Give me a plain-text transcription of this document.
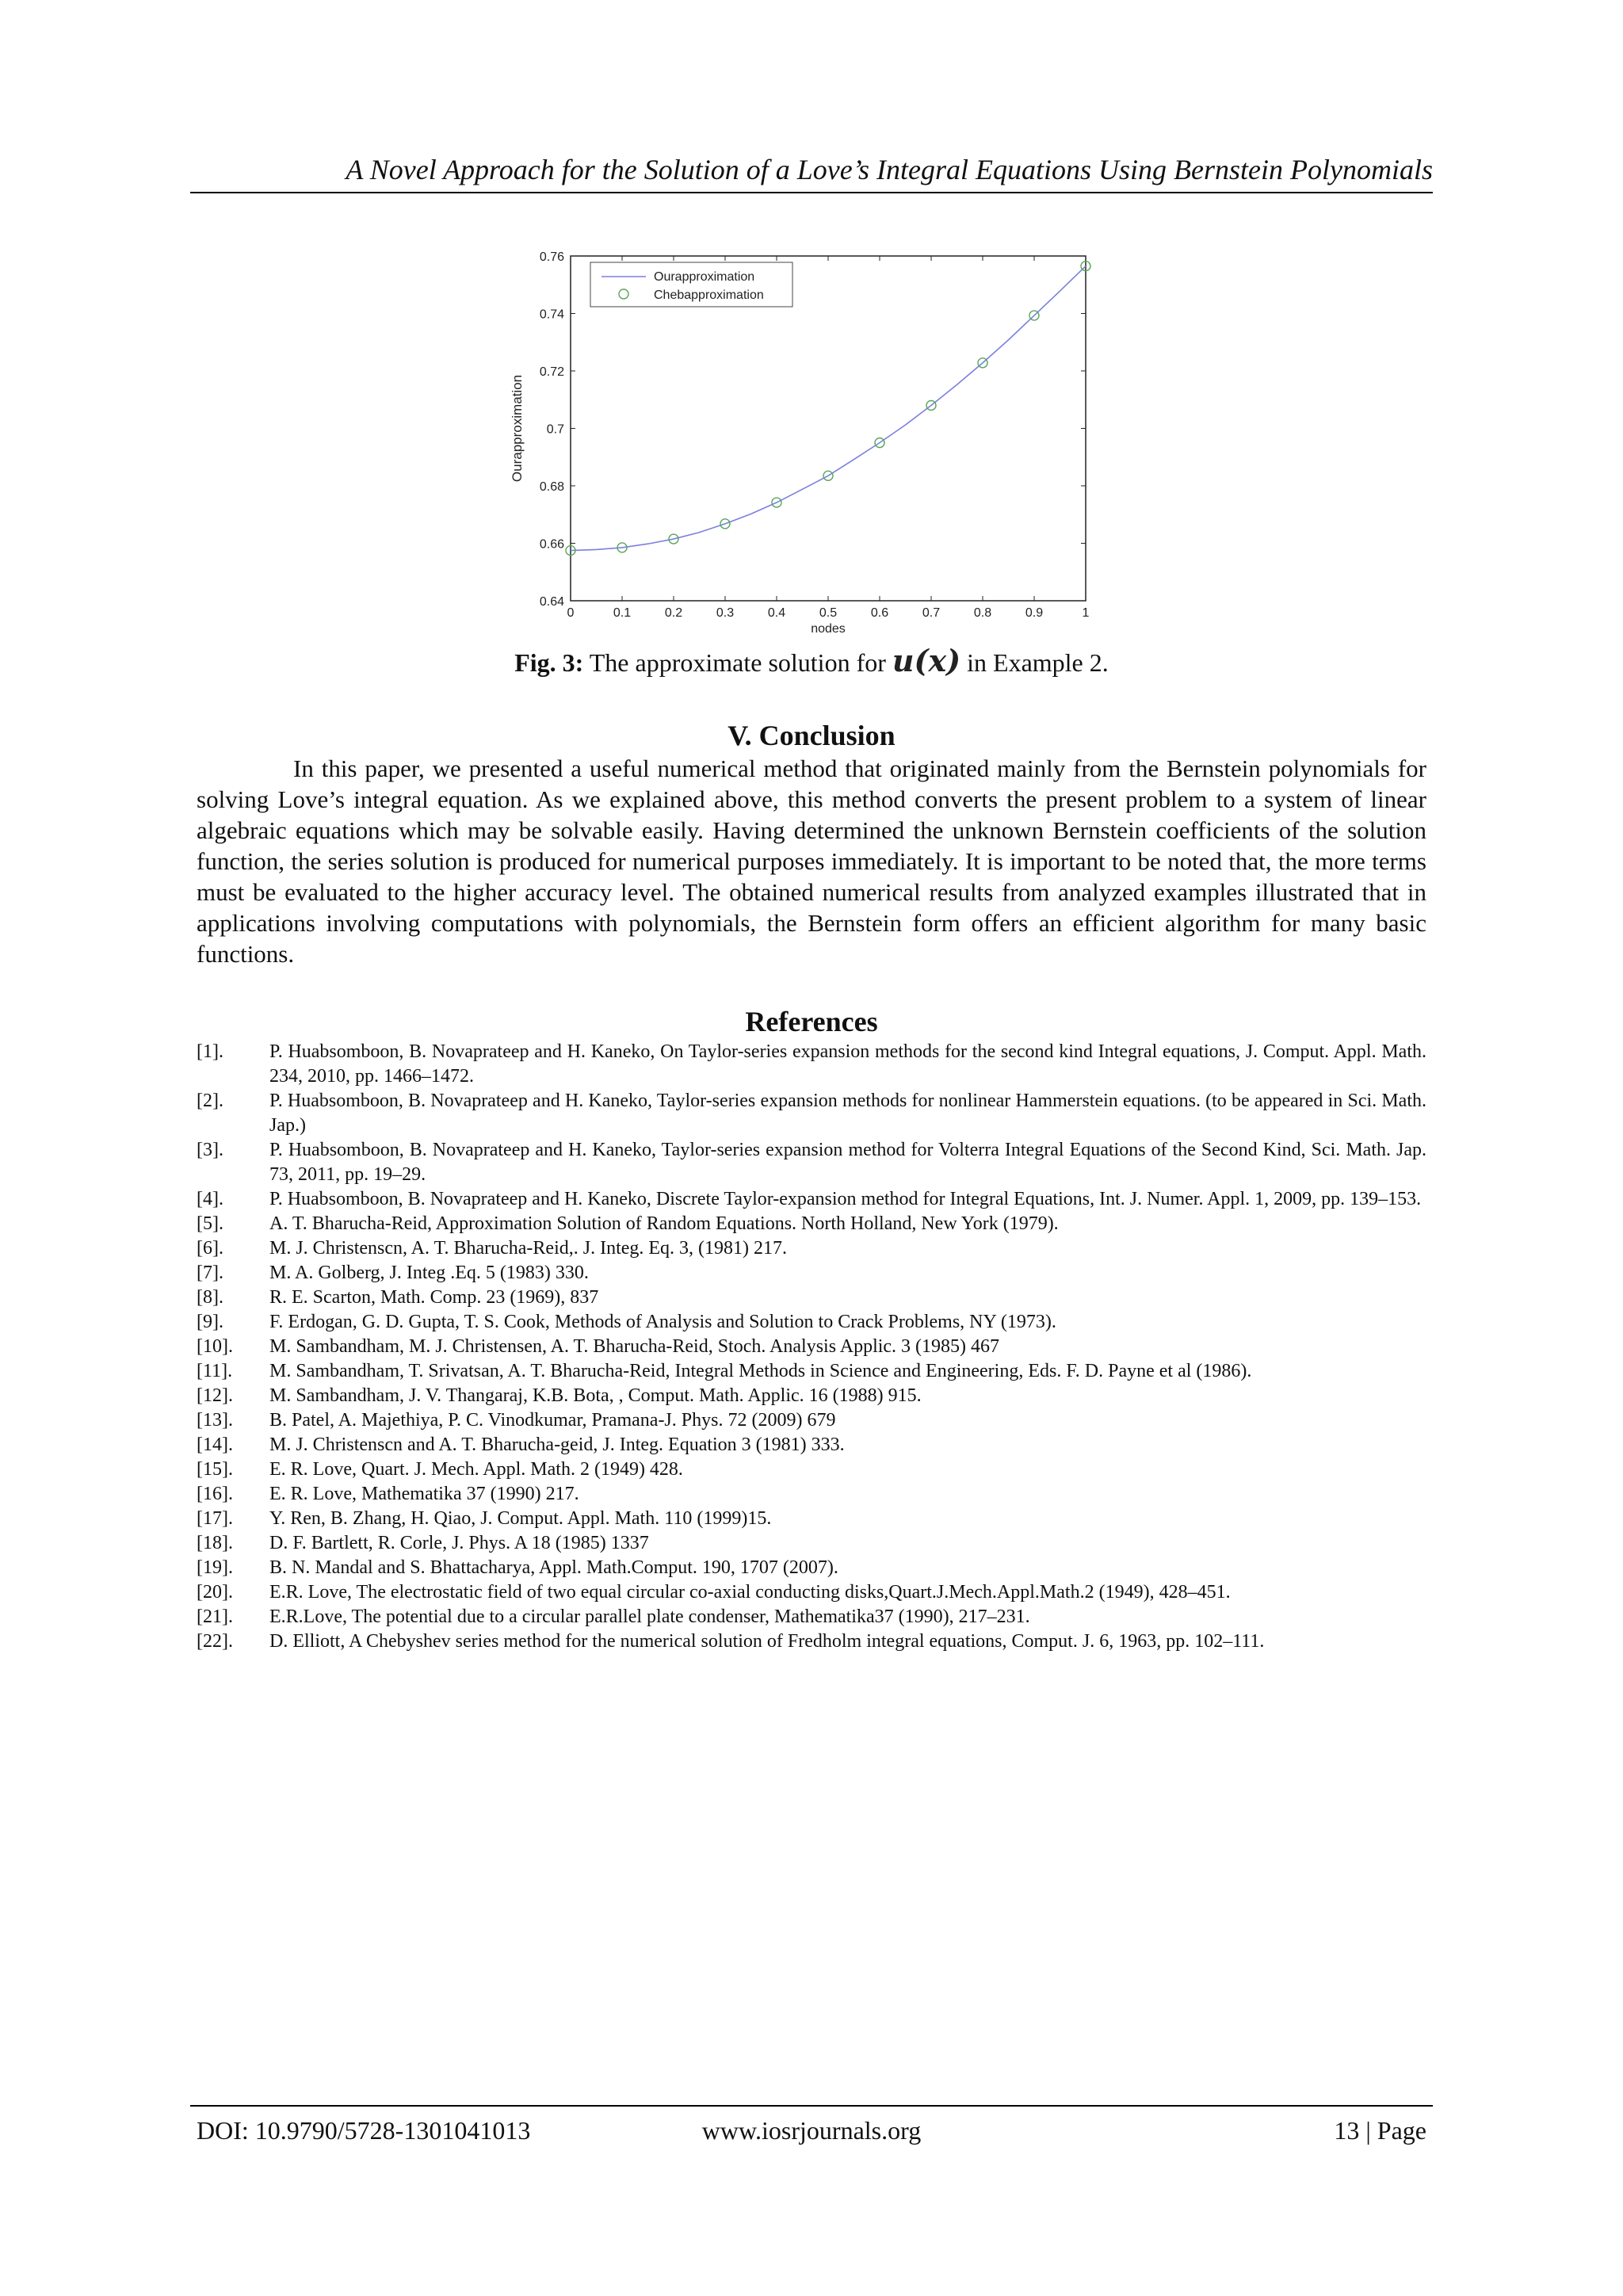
A Novel Approach for the Solution of a Love’s Integral Equations Using Bernstein Polynomials
0	0.1	0.2	0.3	0.4	0.5	0.6	0.7	0.8	0.9	1
0.64
0.66
0.68
0.7
0.72
0.74
0.76
nodes
Ourapproximation
Ourapproximation
Chebapproximation
Fig. 3: The approximate solution for u(x) in Example 2.
V. Conclusion

In this paper, we presented a useful numerical method that originated mainly from the Bernstein polynomials for solving Love’s integral equation. As we explained above, this method converts the present problem to a system of linear algebraic equations which may be solvable easily. Having determined the unknown Bernstein coefficients of the solution function, the series solution is produced for numerical purposes immediately. It is important to be noted that, the more terms must be evaluated to the higher accuracy level. The obtained numerical results from analyzed examples illustrated that in applications involving computations with polynomials, the Bernstein form offers an efficient algorithm for many basic functions.

References
[1]. P. Huabsomboon, B. Novaprateep and H. Kaneko, On Taylor-series expansion methods for the second kind Integral equations, J. Comput. Appl. Math. 234, 2010, pp. 1466–1472.
[2]. P. Huabsomboon, B. Novaprateep and H. Kaneko, Taylor-series expansion methods for nonlinear Hammerstein equations. (to be appeared in Sci. Math. Jap.)
[3]. P. Huabsomboon, B. Novaprateep and H. Kaneko, Taylor-series expansion method for Volterra Integral Equations of the Second Kind, Sci. Math. Jap. 73, 2011, pp. 19–29.
[4]. P. Huabsomboon, B. Novaprateep and H. Kaneko, Discrete Taylor-expansion method for Integral Equations, Int. J. Numer. Appl. 1, 2009, pp. 139–153.
[5]. A. T. Bharucha-Reid, Approximation Solution of Random Equations. North Holland, New York (1979).
[6]. M. J. Christenscn, A. T. Bharucha-Reid,. J. Integ. Eq. 3, (1981) 217.
[7]. M. A. Golberg, J. Integ .Eq. 5 (1983) 330.
[8]. R. E. Scarton, Math. Comp. 23 (1969), 837
[9]. F. Erdogan, G. D. Gupta, T. S. Cook, Methods of Analysis and Solution to Crack Problems, NY (1973).
[10]. M. Sambandham, M. J. Christensen, A. T. Bharucha-Reid, Stoch. Analysis Applic. 3 (1985) 467
[11]. M. Sambandham, T. Srivatsan, A. T. Bharucha-Reid, Integral Methods in Science and Engineering, Eds. F. D. Payne et al (1986).
[12]. M. Sambandham, J. V. Thangaraj, K.B. Bota, , Comput. Math. Applic. 16 (1988) 915.
[13]. B. Patel, A. Majethiya, P. C. Vinodkumar, Pramana-J. Phys. 72 (2009) 679
[14]. M. J. Christenscn and A. T. Bharucha-geid, J. Integ. Equation 3 (1981) 333.
[15]. E. R. Love, Quart. J. Mech. Appl. Math. 2 (1949) 428.
[16]. E. R. Love, Mathematika 37 (1990) 217.
[17]. Y. Ren, B. Zhang, H. Qiao, J. Comput. Appl. Math. 110 (1999)15.
[18]. D. F. Bartlett, R. Corle, J. Phys. A 18 (1985) 1337
[19]. B. N. Mandal and S. Bhattacharya, Appl. Math.Comput. 190, 1707 (2007).
[20]. E.R. Love, The electrostatic field of two equal circular co-axial conducting disks,Quart.J.Mech.Appl.Math.2 (1949), 428–451.
[21]. E.R.Love, The potential due to a circular parallel plate condenser, Mathematika37 (1990), 217–231.
[22]. D. Elliott, A Chebyshev series method for the numerical solution of Fredholm integral equations, Comput. J. 6, 1963, pp. 102–111.
DOI: 10.9790/5728-1301041013	www.iosrjournals.org	13 | Page
